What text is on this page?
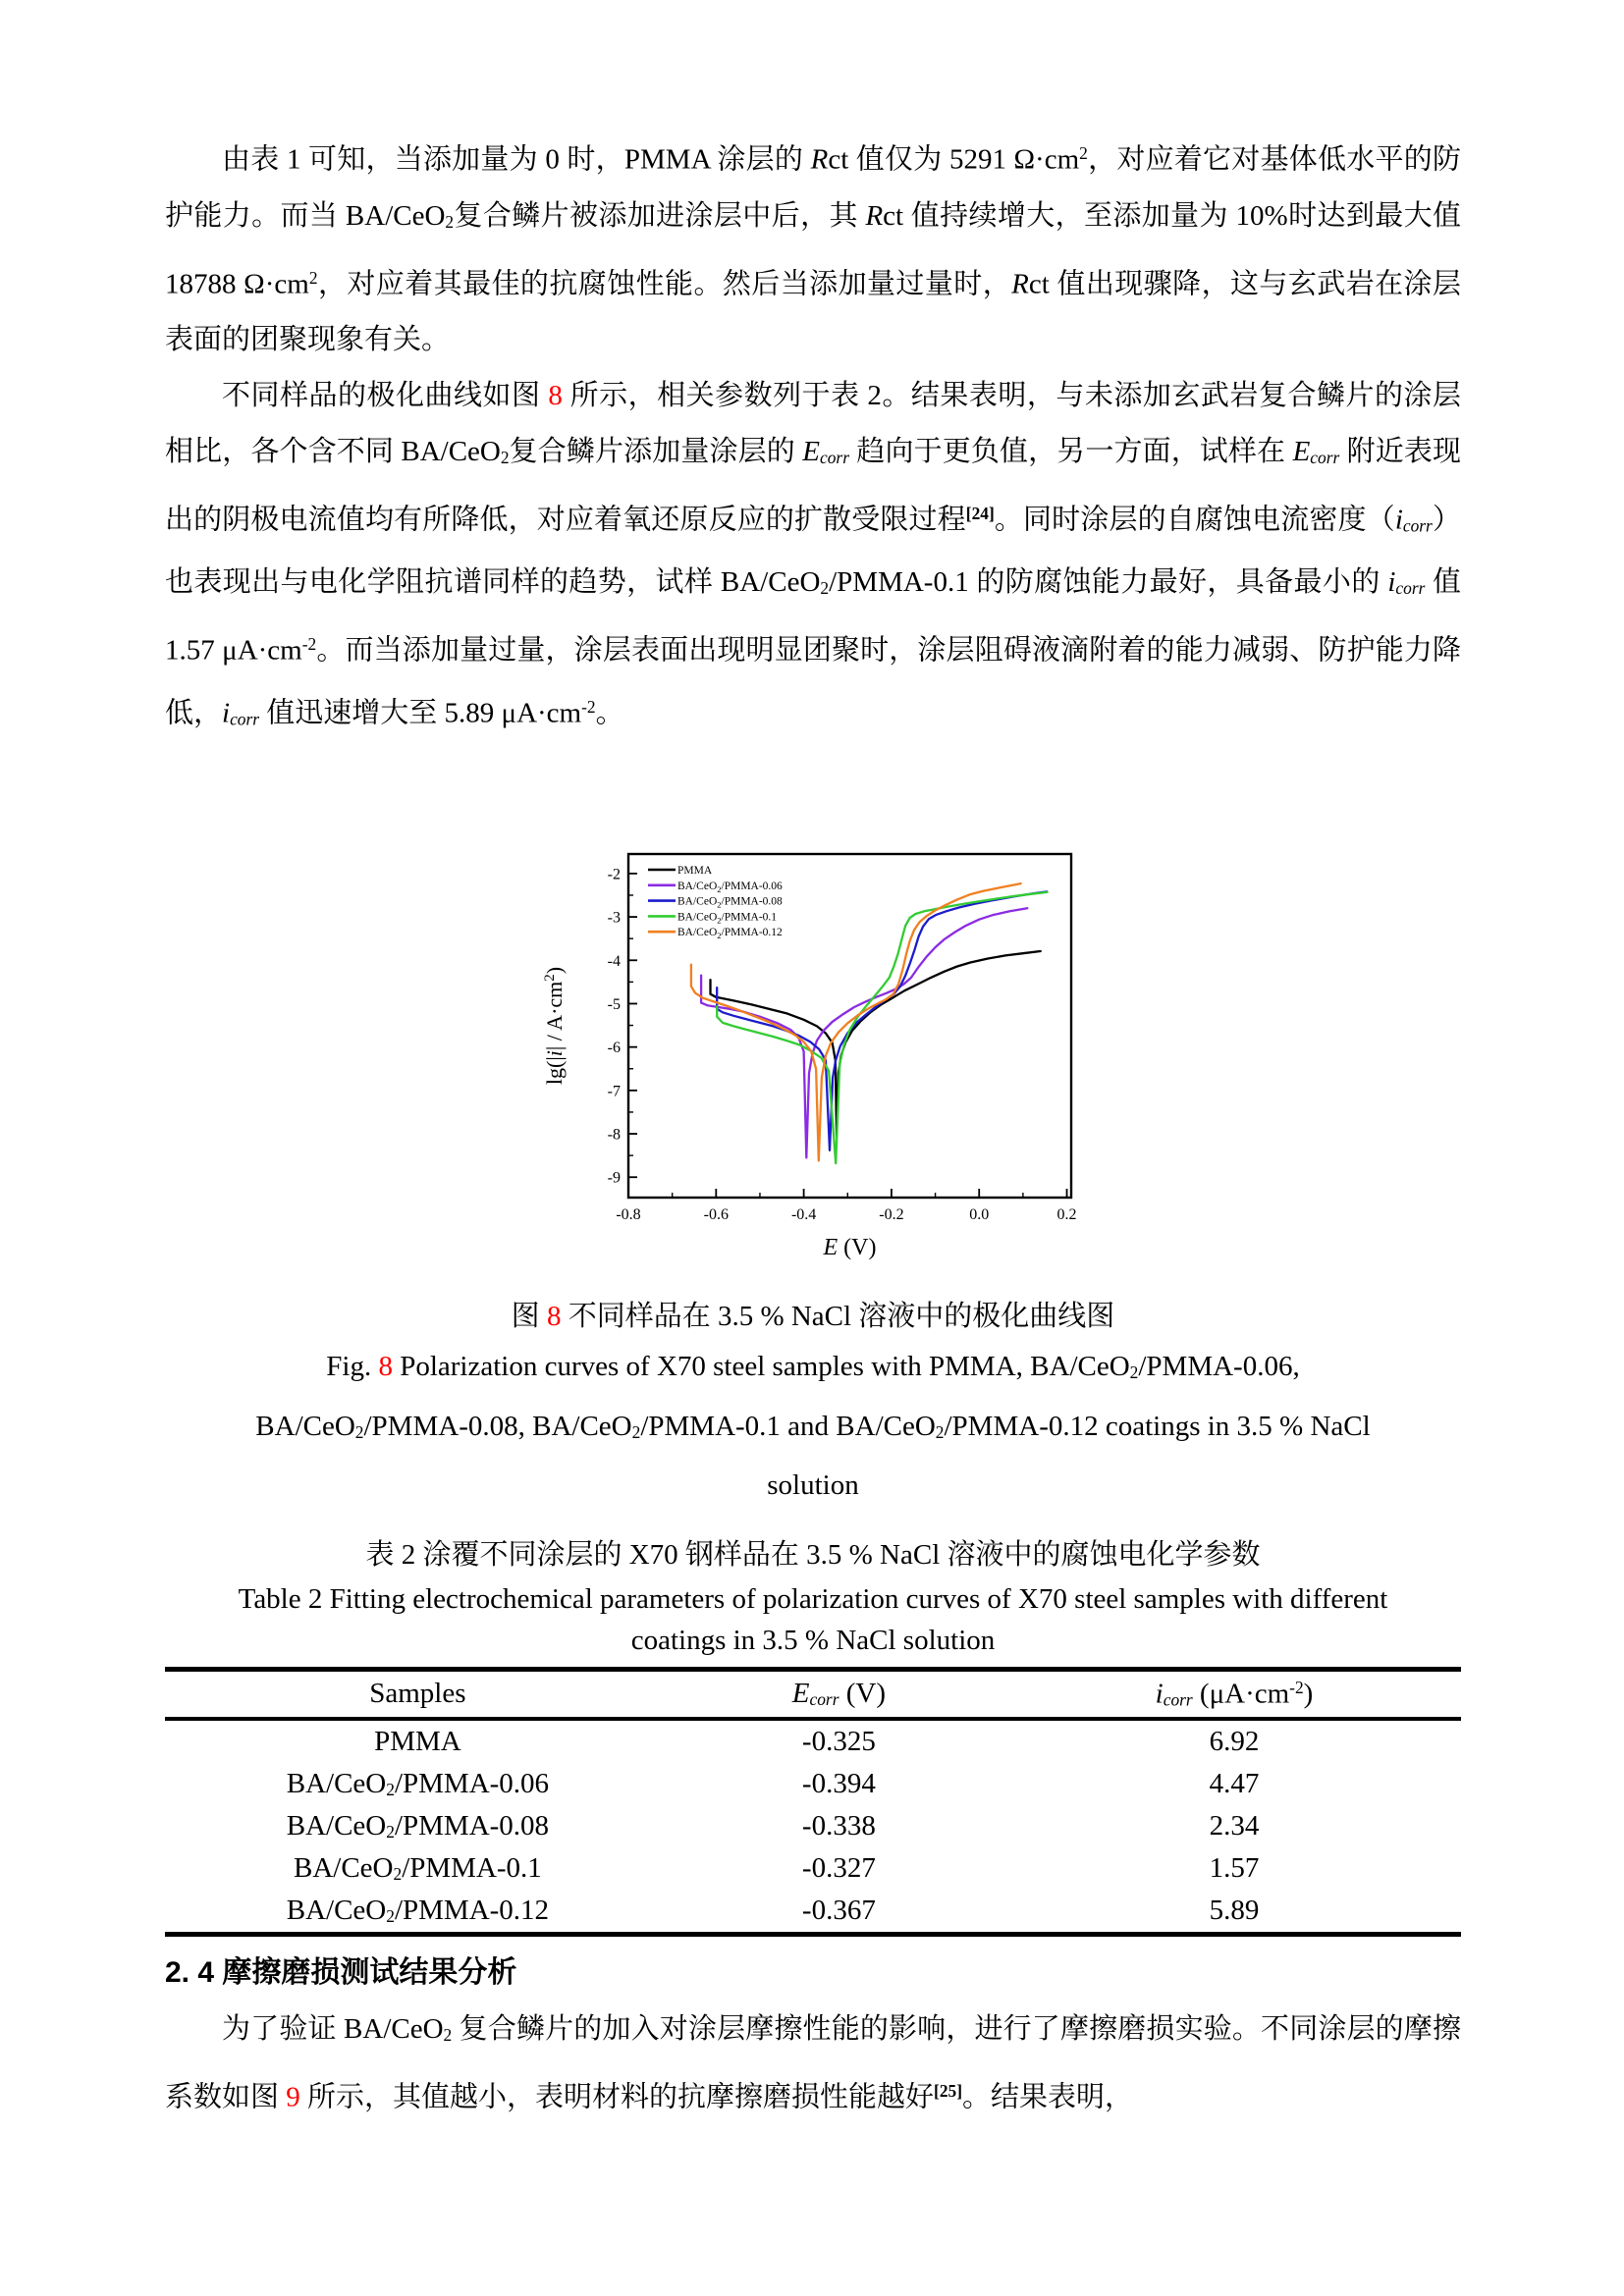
由表 1 可知，当添加量为 0 时，PMMA 涂层的 Rct 值仅为 5291 $\Omega\cdot cm^2$，对应着它对基体低水平的防护能力。而当 BA/CeO2复合鳞片被添加进涂层中后，其 Rct 值持续增大，至添加量为 10%时达到最大值 18788 $\Omega\cdot cm^2$，对应着其最佳的抗腐蚀性能。然后当添加量过量时，Rct 值出现骤降，这与玄武岩在涂层表面的团聚现象有关。

不同样品的极化曲线如图 8 所示，相关参数列于表 2。结果表明，与未添加玄武岩复合鳞片的涂层相比，各个含不同 BA/CeO2复合鳞片添加量涂层的 Ecorr 趋向于更负值，另一方面，试样在 Ecorr 附近表现出的阴极电流值均有所降低，对应着氧还原反应的扩散受限过程[24]。同时涂层的自腐蚀电流密度（icorr）也表现出与电化学阻抗谱同样的趋势，试样 BA/CeO2/PMMA-0.1 的防腐蚀能力最好，具备最小的 icorr 值 1.57 $\mu A\cdot cm^{-2}$。而当添加量过量，涂层表面出现明显团聚时，涂层阻碍液滴附着的能力减弱、防护能力降低，icorr 值迅速增大至 5.89 $\mu A\cdot cm^{-2}$。

-0.8	-0.6	-0.4	-0.2	0.0	0.2
-2
-3
-4
-5
-6
-7
-8
-9
PMMA
BA/CeO$_2$/PMMA-0.06
BA/CeO$_2$/PMMA-0.08
BA/CeO$_2$/PMMA-0.1
BA/CeO$_2$/PMMA-0.12
E (V)
$\lg(|i| / A\cdot cm^2)$
图 8 不同样品在 3.5 % NaCl 溶液中的极化曲线图
Fig. 8 Polarization curves of X70 steel samples with PMMA, BA/CeO2/PMMA-0.06,
BA/CeO2/PMMA-0.08, BA/CeO2/PMMA-0.1 and BA/CeO2/PMMA-0.12 coatings in 3.5 % NaCl
solution
表 2 涂覆不同涂层的 X70 钢样品在 3.5 % NaCl 溶液中的腐蚀电化学参数
Table 2 Fitting electrochemical parameters of polarization curves of X70 steel samples with different
coatings in 3.5 % NaCl solution
Samples	Ecorr (V)	icorr $(\mu A\cdot cm^{-2})$
PMMA	-0.325	6.92
BA/CeO2/PMMA-0.06	-0.394	4.47
BA/CeO2/PMMA-0.08	-0.338	2.34
BA/CeO2/PMMA-0.1	-0.327	1.57
BA/CeO2/PMMA-0.12	-0.367	5.89
2. 4 摩擦磨损测试结果分析

为了验证 BA/CeO2 复合鳞片的加入对涂层摩擦性能的影响，进行了摩擦磨损实验。不同涂层的摩擦系数如图 9 所示，其值越小，表明材料的抗摩擦磨损性能越好[25]。结果表明，
